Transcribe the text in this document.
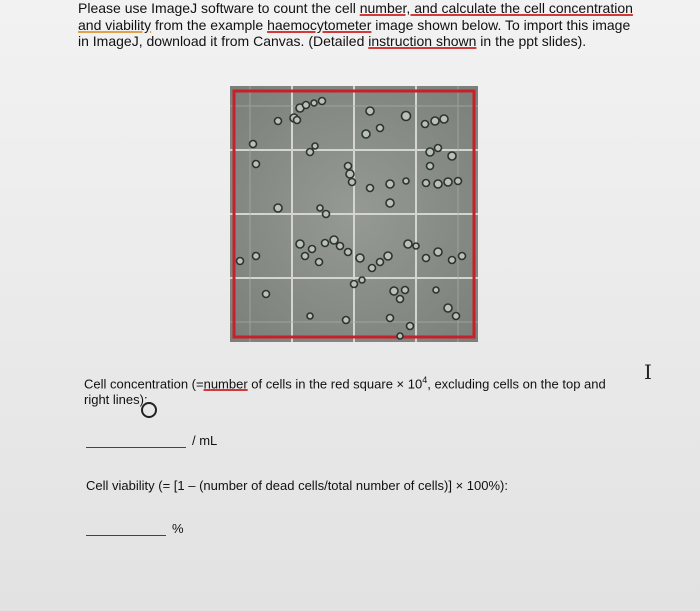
Please use ImageJ software to count the cell number, and calculate the cell concentration

and viability from the example haemocytometer image shown below. To import this image

in ImageJ, download it from Canvas. (Detailed instruction shown in the ppt slides).

Cell concentration (=number of cells in the red square × $10^4$, excluding cells on the top and

right lines):

I
/ mL
Cell viability (= [1 – (number of dead cells/total number of cells)] × 100%):
%
